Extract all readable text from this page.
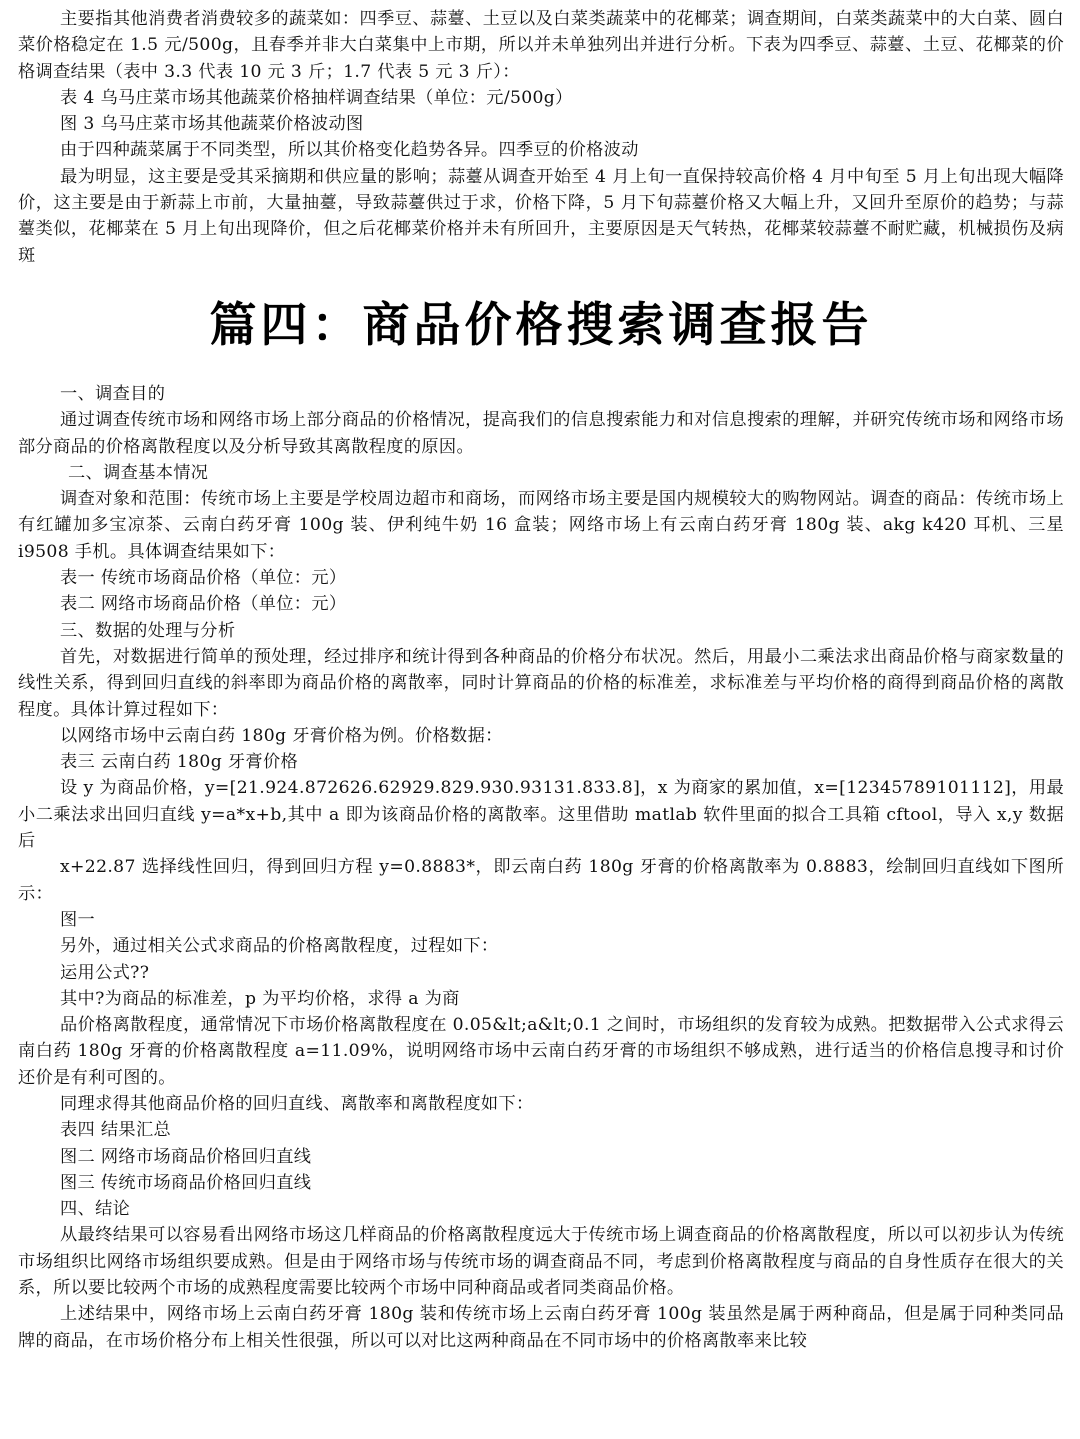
主要指其他消费者消费较多的蔬菜如：四季豆、蒜薹、土豆以及白菜类蔬菜中的花椰菜；调查期间，白菜类蔬菜中的大白菜、圆白菜价格稳定在 1.5 元/500g，且春季并非大白菜集中上市期，所以并未单独列出并进行分析。下表为四季豆、蒜薹、土豆、花椰菜的价格调查结果（表中 3.3 代表 10 元 3 斤；1.7 代表 5 元 3 斤）：

表 4 乌马庄菜市场其他蔬菜价格抽样调查结果（单位：元/500g）

图 3 乌马庄菜市场其他蔬菜价格波动图

由于四种蔬菜属于不同类型，所以其价格变化趋势各异。四季豆的价格波动

最为明显，这主要是受其采摘期和供应量的影响；蒜薹从调查开始至 4 月上旬一直保持较高价格 4 月中旬至 5 月上旬出现大幅降价，这主要是由于新蒜上市前，大量抽薹，导致蒜薹供过于求，价格下降，5 月下旬蒜薹价格又大幅上升，又回升至原价的趋势；与蒜薹类似，花椰菜在 5 月上旬出现降价，但之后花椰菜价格并未有所回升，主要原因是天气转热，花椰菜较蒜薹不耐贮藏，机械损伤及病斑

篇四：商品价格搜索调查报告

一、调查目的

通过调查传统市场和网络市场上部分商品的价格情况，提高我们的信息搜索能力和对信息搜索的理解，并研究传统市场和网络市场部分商品的价格离散程度以及分析导致其离散程度的原因。

二、调查基本情况

调查对象和范围：传统市场上主要是学校周边超市和商场，而网络市场主要是国内规模较大的购物网站。调查的商品：传统市场上有红罐加多宝凉茶、云南白药牙膏 100g 装、伊利纯牛奶 16 盒装；网络市场上有云南白药牙膏 180g 装、akg k420 耳机、三星 i9508 手机。具体调查结果如下：

表一 传统市场商品价格（单位：元）

表二 网络市场商品价格（单位：元）

三、数据的处理与分析

首先，对数据进行简单的预处理，经过排序和统计得到各种商品的价格分布状况。然后，用最小二乘法求出商品价格与商家数量的线性关系，得到回归直线的斜率即为商品价格的离散率，同时计算商品的价格的标准差，求标准差与平均价格的商得到商品价格的离散程度。具体计算过程如下：

以网络市场中云南白药 180g 牙膏价格为例。价格数据：

表三 云南白药 180g 牙膏价格

设 y 为商品价格，y=[21.924.872626.62929.829.930.93131.833.8]，x 为商家的累加值，x=[12345789101112]，用最小二乘法求出回归直线 y=a*x+b,其中 a 即为该商品价格的离散率。这里借助 matlab 软件里面的拟合工具箱 cftool，导入 x,y 数据后

x+22.87 选择线性回归，得到回归方程 y=0.8883*，即云南白药 180g 牙膏的价格离散率为 0.8883，绘制回归直线如下图所示：

图一

另外，通过相关公式求商品的价格离散程度，过程如下：

运用公式??

其中?为商品的标准差，p 为平均价格，求得 a 为商

品价格离散程度，通常情况下市场价格离散程度在 0.05&lt;a&lt;0.1 之间时，市场组织的发育较为成熟。把数据带入公式求得云南白药 180g 牙膏的价格离散程度 a=11.09%，说明网络市场中云南白药牙膏的市场组织不够成熟，进行适当的价格信息搜寻和讨价还价是有利可图的。

同理求得其他商品价格的回归直线、离散率和离散程度如下：

表四 结果汇总

图二 网络市场商品价格回归直线

图三 传统市场商品价格回归直线

四、结论

从最终结果可以容易看出网络市场这几样商品的价格离散程度远大于传统市场上调查商品的价格离散程度，所以可以初步认为传统市场组织比网络市场组织要成熟。但是由于网络市场与传统市场的调查商品不同，考虑到价格离散程度与商品的自身性质存在很大的关系，所以要比较两个市场的成熟程度需要比较两个市场中同种商品或者同类商品价格。

上述结果中，网络市场上云南白药牙膏 180g 装和传统市场上云南白药牙膏 100g 装虽然是属于两种商品，但是属于同种类同品牌的商品，在市场价格分布上相关性很强，所以可以对比这两种商品在不同市场中的价格离散率来比较
